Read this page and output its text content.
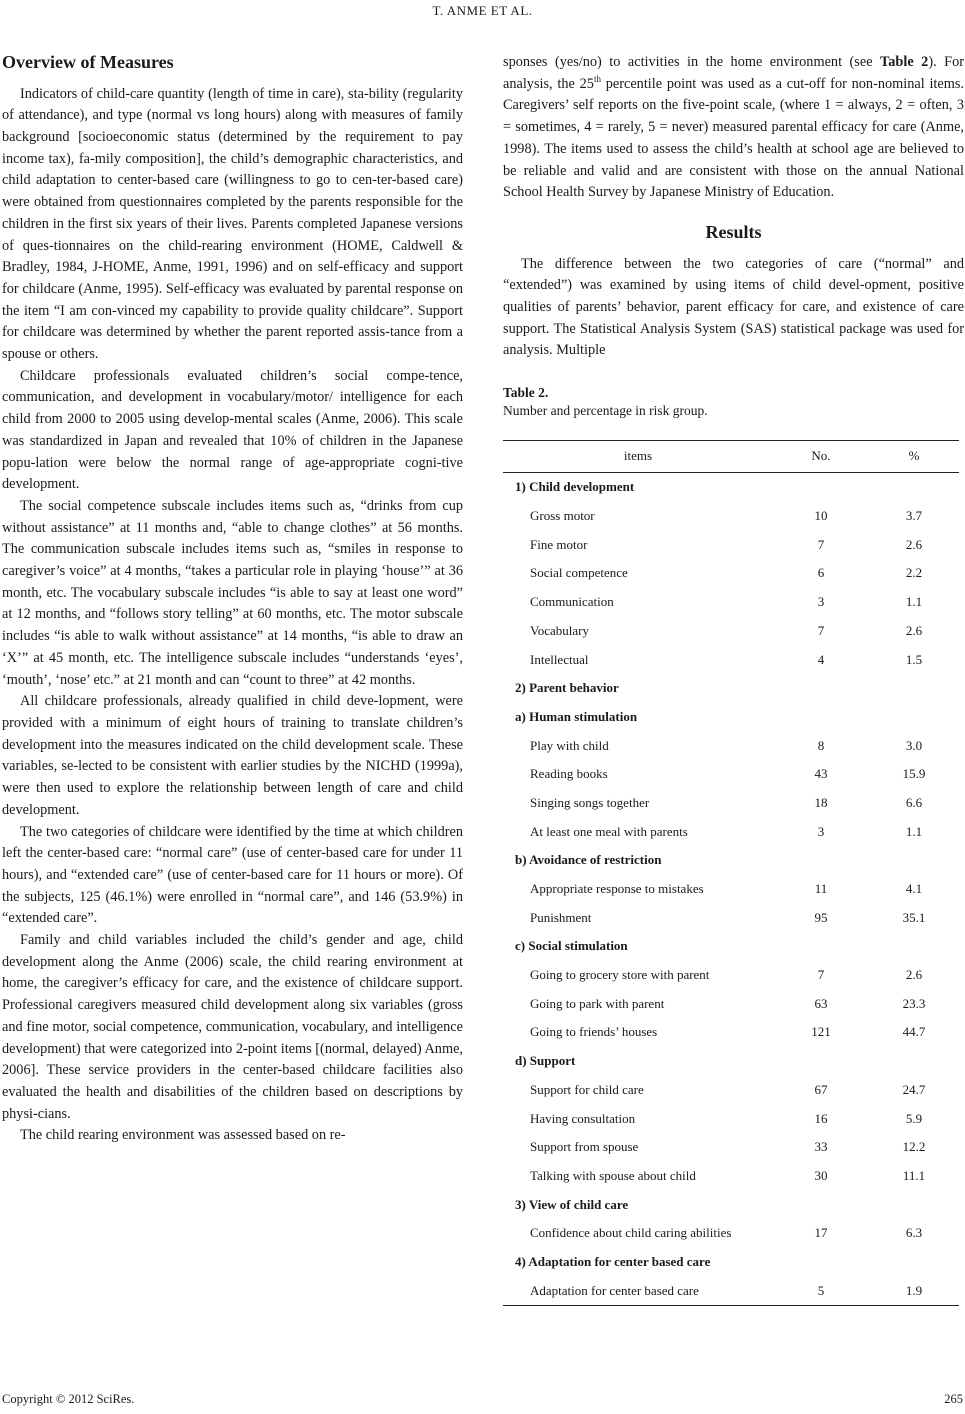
T. ANME ET AL.
Overview of Measures

Indicators of child-care quantity (length of time in care), sta-bility (regularity of attendance), and type (normal vs long hours) along with measures of family background [socioeconomic status (determined by the requirement to pay income tax), fa-mily composition], the child’s demographic characteristics, and child adaptation to center-based care (willingness to go to cen-ter-based care) were obtained from questionnaires completed by the parents responsible for the children in the first six years of their lives. Parents completed Japanese versions of ques-tionnaires on the child-rearing environment (HOME, Caldwell & Bradley, 1984, J-HOME, Anme, 1991, 1996) and on self-efficacy and support for childcare (Anme, 1995). Self-efficacy was evaluated by parental response on the item “I am con-vinced my capability to provide quality childcare”. Support for childcare was determined by whether the parent reported assis-tance from a spouse or others.

Childcare professionals evaluated children’s social compe-tence, communication, and development in vocabulary/motor/ intelligence for each child from 2000 to 2005 using develop-mental scales (Anme, 2006). This scale was standardized in Japan and revealed that 10% of children in the Japanese popu-lation were below the normal range of age-appropriate cogni-tive development.

The social competence subscale includes items such as, “drinks from cup without assistance” at 11 months and, “able to change clothes” at 56 months. The communication subscale includes items such as, “smiles in response to caregiver’s voice” at 4 months, “takes a particular role in playing ‘house’” at 36 month, etc. The vocabulary subscale includes “is able to say at least one word” at 12 months, and “follows story telling” at 60 months, etc. The motor subscale includes “is able to walk without assistance” at 14 months, “is able to draw an ‘X’” at 45 month, etc. The intelligence subscale includes “understands ‘eyes’, ‘mouth’, ‘nose’ etc.” at 21 month and can “count to three” at 42 months.

All childcare professionals, already qualified in child deve-lopment, were provided with a minimum of eight hours of training to translate children’s development into the measures indicated on the child development scale. These variables, se-lected to be consistent with earlier studies by the NICHD (1999a), were then used to explore the relationship between length of care and child development.

The two categories of childcare were identified by the time at which children left the center-based care: “normal care” (use of center-based care for under 11 hours), and “extended care” (use of center-based care for 11 hours or more). Of the subjects, 125 (46.1%) were enrolled in “normal care”, and 146 (53.9%) in “extended care”.

Family and child variables included the child’s gender and age, child development along the Anme (2006) scale, the child rearing environment at home, the caregiver’s efficacy for care, and the existence of childcare support. Professional caregivers measured child development along six variables (gross and fine motor, social competence, communication, vocabulary, and intelligence development) that were categorized into 2-point items [(normal, delayed) Anme, 2006]. These service providers in the center-based childcare facilities also evaluated the health and disabilities of the children based on descriptions by physi-cians.

The child rearing environment was assessed based on re-

sponses (yes/no) to activities in the home environment (see Table 2). For analysis, the 25th percentile point was used as a cut-off for non-nominal items. Caregivers’ self reports on the five-point scale, (where 1 = always, 2 = often, 3 = sometimes, 4 = rarely, 5 = never) measured parental efficacy for care (Anme, 1998). The items used to assess the child’s health at school age are believed to be reliable and valid and are consistent with those on the annual National School Health Survey by Japanese Ministry of Education.

Results

The difference between the two categories of care (“normal” and “extended”) was examined by using items of child devel-opment, positive qualities of parents’ behavior, parent efficacy for care, and existence of care support. The Statistical Analysis System (SAS) statistical package was used for analysis. Multiple

Table 2.
Number and percentage in risk group.
items	No.	%
1) Child development		
Gross motor	10	3.7
Fine motor	7	2.6
Social competence	6	2.2
Communication	3	1.1
Vocabulary	7	2.6
Intellectual	4	1.5
2) Parent behavior		
a) Human stimulation		
Play with child	8	3.0
Reading books	43	15.9
Singing songs together	18	6.6
At least one meal with parents	3	1.1
b) Avoidance of restriction		
Appropriate response to mistakes	11	4.1
Punishment	95	35.1
c) Social stimulation		
Going to grocery store with parent	7	2.6
Going to park with parent	63	23.3
Going to friends’ houses	121	44.7
d) Support		
Support for child care	67	24.7
Having consultation	16	5.9
Support from spouse	33	12.2
Talking with spouse about child	30	11.1
3) View of child care		
Confidence about child caring abilities	17	6.3
4) Adaptation for center based care		
Adaptation for center based care	5	1.9
Copyright © 2012 SciRes.	265
